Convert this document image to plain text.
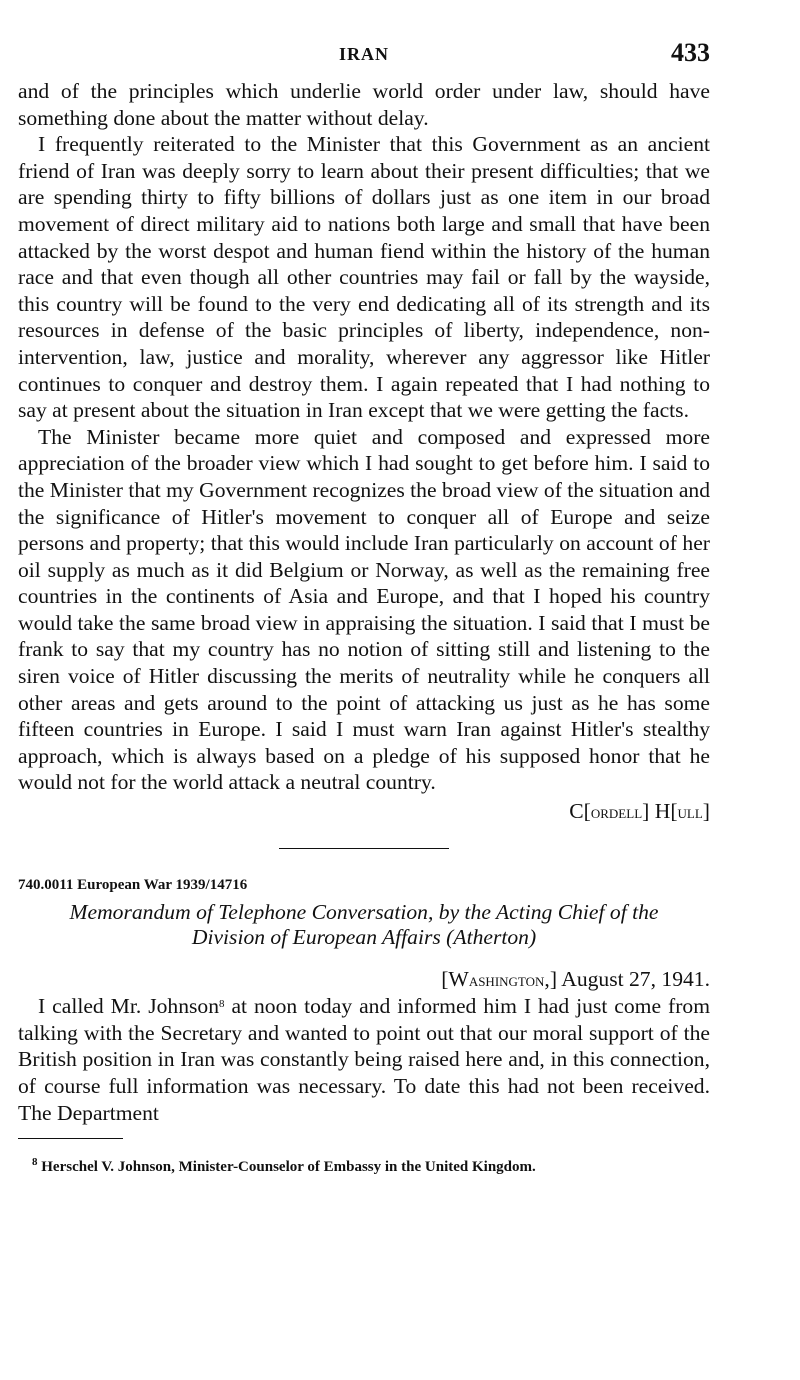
IRAN	433

and of the principles which underlie world order under law, should have something done about the matter without delay.

I frequently reiterated to the Minister that this Government as an ancient friend of Iran was deeply sorry to learn about their present difficulties; that we are spending thirty to fifty billions of dollars just as one item in our broad movement of direct military aid to nations both large and small that have been attacked by the worst despot and human fiend within the history of the human race and that even though all other countries may fail or fall by the wayside, this country will be found to the very end dedicating all of its strength and its resources in defense of the basic principles of liberty, independence, non-intervention, law, justice and morality, wherever any aggressor like Hitler continues to conquer and destroy them. I again repeated that I had nothing to say at present about the situation in Iran except that we were getting the facts.

The Minister became more quiet and composed and expressed more appreciation of the broader view which I had sought to get before him. I said to the Minister that my Government recognizes the broad view of the situation and the significance of Hitler's movement to conquer all of Europe and seize persons and property; that this would include Iran particularly on account of her oil supply as much as it did Belgium or Norway, as well as the remaining free countries in the continents of Asia and Europe, and that I hoped his country would take the same broad view in appraising the situation. I said that I must be frank to say that my country has no notion of sitting still and listening to the siren voice of Hitler discussing the merits of neutrality while he conquers all other areas and gets around to the point of attacking us just as he has some fifteen countries in Europe. I said I must warn Iran against Hitler's stealthy approach, which is always based on a pledge of his supposed honor that he would not for the world attack a neutral country.

C[ordell] H[ull]
740.0011 European War 1939/14716
Memorandum of Telephone Conversation, by the Acting Chief of the
Division of European Affairs (Atherton)
[Washington,] August 27, 1941.

I called Mr. Johnson$^8$ at noon today and informed him I had just come from talking with the Secretary and wanted to point out that our moral support of the British position in Iran was constantly being raised here and, in this connection, of course full information was necessary. To date this had not been received. The Department

$^8$ Herschel V. Johnson, Minister-Counselor of Embassy in the United Kingdom.
